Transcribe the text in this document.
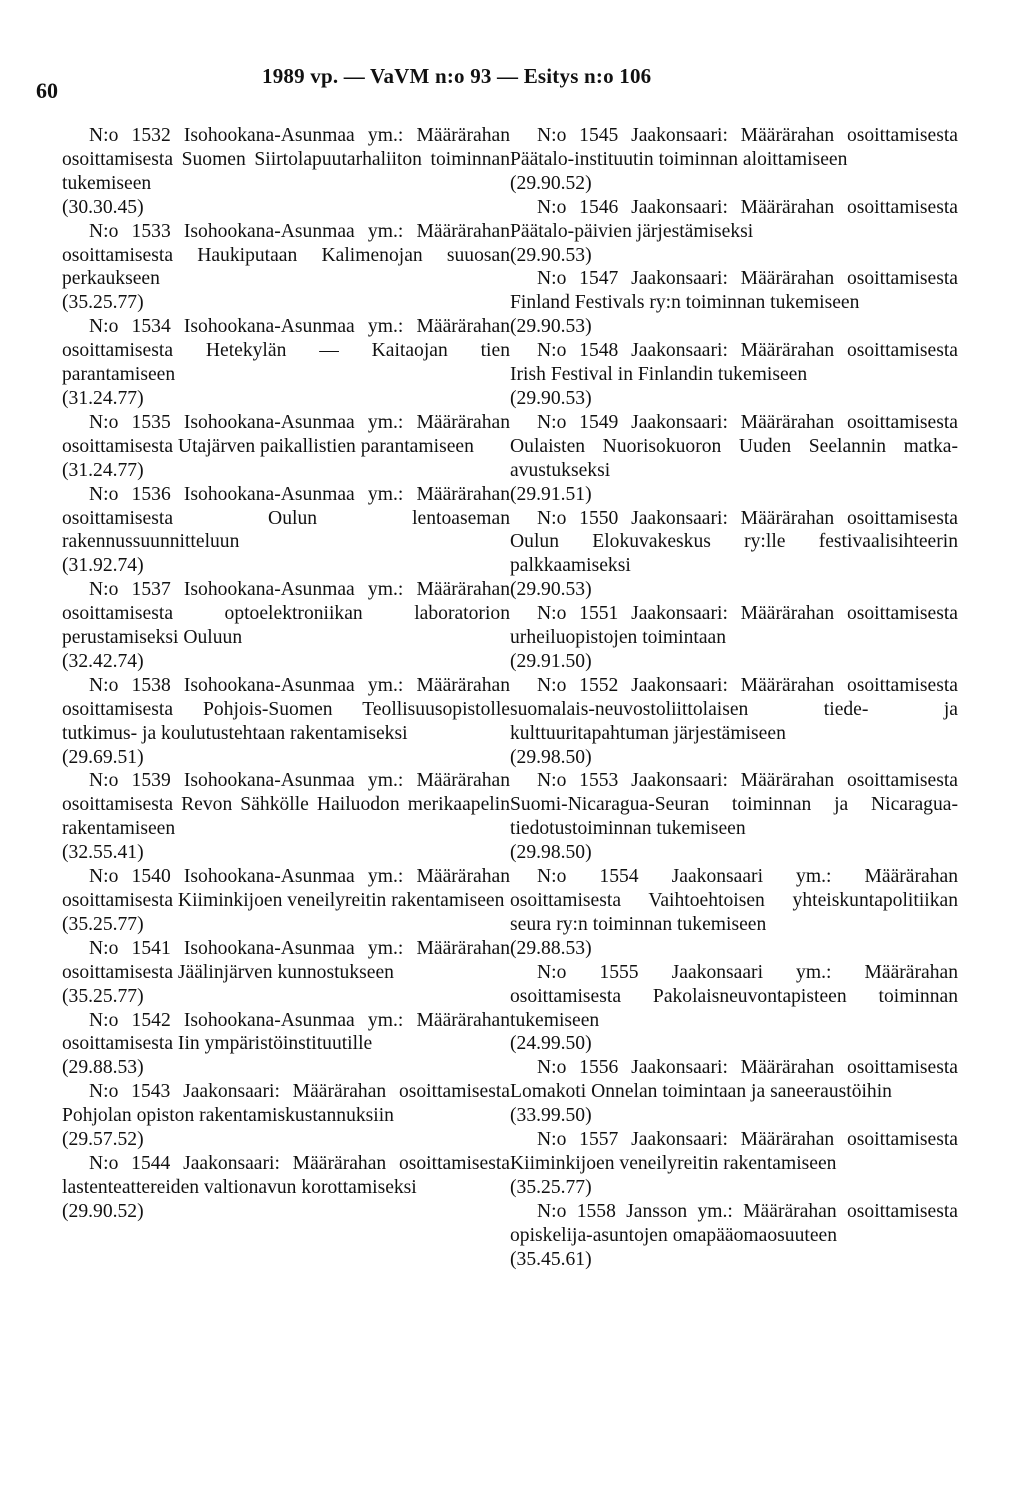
60
1989 vp. — VaVM n:o 93 — Esitys n:o 106

N:o 1532 Isohookana-Asunmaa ym.: Määrärahan osoittamisesta Suomen Siirtolapuutarhaliiton toiminnan tukemiseen

(30.30.45)

N:o 1533 Isohookana-Asunmaa ym.: Määrärahan osoittamisesta Haukiputaan Kalimenojan suuosan perkaukseen

(35.25.77)

N:o 1534 Isohookana-Asunmaa ym.: Määrärahan osoittamisesta Hetekylän — Kaitaojan tien parantamiseen

(31.24.77)

N:o 1535 Isohookana-Asunmaa ym.: Määrärahan osoittamisesta Utajärven paikallistien parantamiseen

(31.24.77)

N:o 1536 Isohookana-Asunmaa ym.: Määrärahan osoittamisesta Oulun lentoaseman rakennussuunnitteluun

(31.92.74)

N:o 1537 Isohookana-Asunmaa ym.: Määrärahan osoittamisesta optoelektroniikan laboratorion perustamiseksi Ouluun

(32.42.74)

N:o 1538 Isohookana-Asunmaa ym.: Määrärahan osoittamisesta Pohjois-Suomen Teollisuusopistolle tutkimus- ja koulutustehtaan rakentamiseksi

(29.69.51)

N:o 1539 Isohookana-Asunmaa ym.: Määrärahan osoittamisesta Revon Sähkölle Hailuodon merikaapelin rakentamiseen

(32.55.41)

N:o 1540 Isohookana-Asunmaa ym.: Määrärahan osoittamisesta Kiiminkijoen veneilyreitin rakentamiseen

(35.25.77)

N:o 1541 Isohookana-Asunmaa ym.: Määrärahan osoittamisesta Jäälinjärven kunnostukseen

(35.25.77)

N:o 1542 Isohookana-Asunmaa ym.: Määrärahan osoittamisesta Iin ympäristöinstituutille

(29.88.53)

N:o 1543 Jaakonsaari: Määrärahan osoittamisesta Pohjolan opiston rakentamiskustannuksiin

(29.57.52)

N:o 1544 Jaakonsaari: Määrärahan osoittamisesta lastenteattereiden valtionavun korottamiseksi

(29.90.52)

N:o 1545 Jaakonsaari: Määrärahan osoittamisesta Päätalo-instituutin toiminnan aloittamiseen

(29.90.52)

N:o 1546 Jaakonsaari: Määrärahan osoittamisesta Päätalo-päivien järjestämiseksi

(29.90.53)

N:o 1547 Jaakonsaari: Määrärahan osoittamisesta Finland Festivals ry:n toiminnan tukemiseen

(29.90.53)

N:o 1548 Jaakonsaari: Määrärahan osoittamisesta Irish Festival in Finlandin tukemiseen

(29.90.53)

N:o 1549 Jaakonsaari: Määrärahan osoittamisesta Oulaisten Nuorisokuoron Uuden Seelannin matka-avustukseksi

(29.91.51)

N:o 1550 Jaakonsaari: Määrärahan osoittamisesta Oulun Elokuvakeskus ry:lle festivaalisihteerin palkkaamiseksi

(29.90.53)

N:o 1551 Jaakonsaari: Määrärahan osoittamisesta urheiluopistojen toimintaan

(29.91.50)

N:o 1552 Jaakonsaari: Määrärahan osoittamisesta suomalais-neuvostoliittolaisen tiede- ja kulttuuritapahtuman järjestämiseen

(29.98.50)

N:o 1553 Jaakonsaari: Määrärahan osoittamisesta Suomi-Nicaragua-Seuran toiminnan ja Nicaragua-tiedotustoiminnan tukemiseen

(29.98.50)

N:o 1554 Jaakonsaari ym.: Määrärahan osoittamisesta Vaihtoehtoisen yhteiskuntapolitiikan seura ry:n toiminnan tukemiseen

(29.88.53)

N:o 1555 Jaakonsaari ym.: Määrärahan osoittamisesta Pakolaisneuvontapisteen toiminnan tukemiseen

(24.99.50)

N:o 1556 Jaakonsaari: Määrärahan osoittamisesta Lomakoti Onnelan toimintaan ja saneeraustöihin

(33.99.50)

N:o 1557 Jaakonsaari: Määrärahan osoittamisesta Kiiminkijoen veneilyreitin rakentamiseen

(35.25.77)

N:o 1558 Jansson ym.: Määrärahan osoittamisesta opiskelija-asuntojen omapääomaosuuteen

(35.45.61)
